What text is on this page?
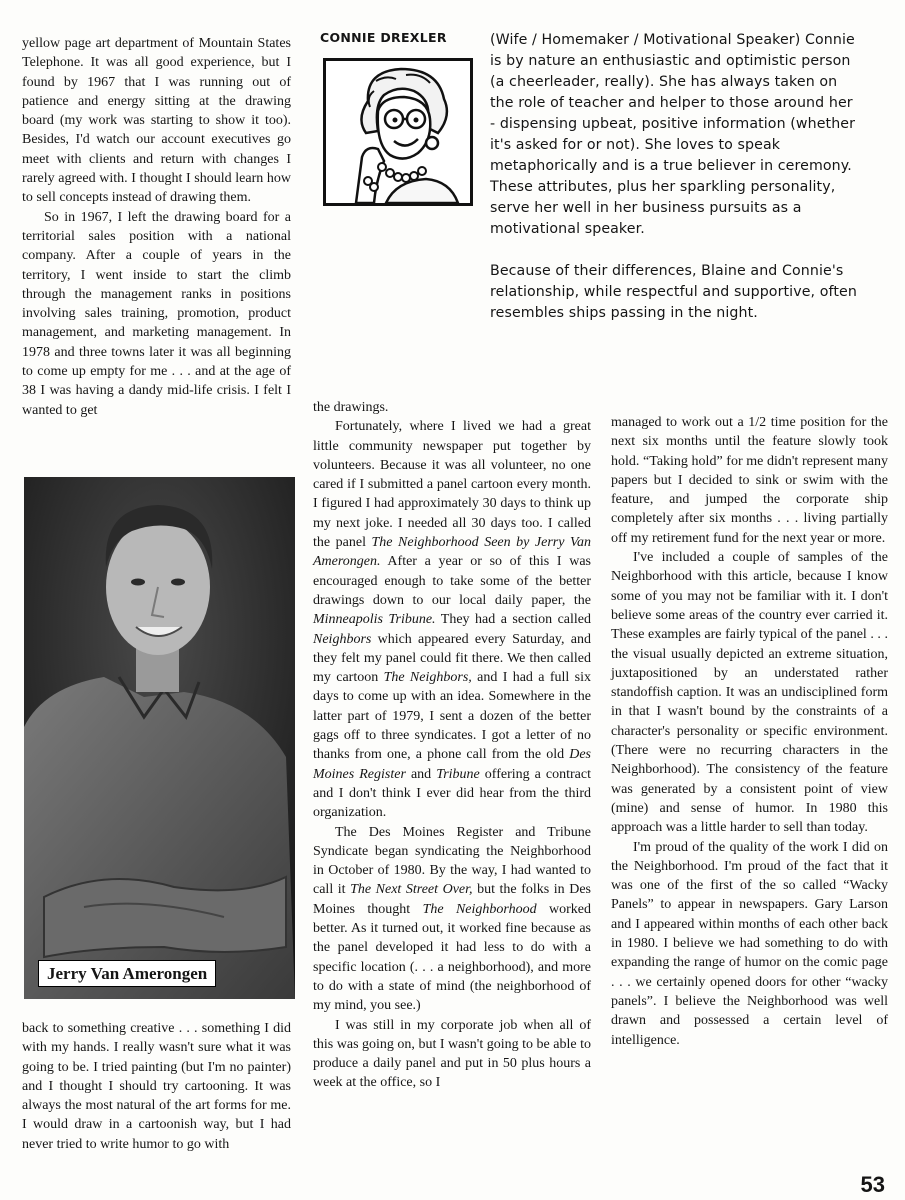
yellow page art department of Mountain States Telephone. It was all good experience, but I found by 1967 that I was running out of patience and energy sitting at the drawing board (my work was starting to show it too). Besides, I'd watch our account executives go meet with clients and return with changes I rarely agreed with. I thought I should learn how to sell concepts instead of drawing them.

So in 1967, I left the drawing board for a territorial sales position with a national company. After a couple of years in the territory, I went inside to start the climb through the management ranks in positions involving sales training, promotion, product management, and marketing management. In 1978 and three towns later it was all beginning to come up empty for me . . . and at the age of 38 I was having a dandy mid-life crisis. I felt I wanted to get

CONNIE DREXLER	(Wife / Homemaker / Motivational Speaker) Connie is by nature an enthusiastic and optimistic person (a cheerleader, really). She has always taken on the role of teacher and helper to those around her - dispensing upbeat, positive information (whether it's asked for or not). She loves to speak metaphorically and is a true believer in ceremony. These attributes, plus her sparkling personality, serve her well in her business pursuits as a motivational speaker.

Because of their differences, Blaine and Connie's relationship, while respectful and supportive, often resembles ships passing in the night.

Jerry Van Amerongen

back to something creative . . . something I did with my hands. I really wasn't sure what it was going to be. I tried painting (but I'm no painter) and I thought I should try cartooning. It was always the most natural of the art forms for me. I would draw in a cartoonish way, but I had never tried to write humor to go with

the drawings.

Fortunately, where I lived we had a great little community newspaper put together by volunteers. Because it was all volunteer, no one cared if I submitted a panel cartoon every month. I figured I had approximately 30 days to think up my next joke. I needed all 30 days too. I called the panel The Neighborhood Seen by Jerry Van Amerongen. After a year or so of this I was encouraged enough to take some of the better drawings down to our local daily paper, the Minneapolis Tribune. They had a section called Neighbors which appeared every Saturday, and they felt my panel could fit there. We then called my cartoon The Neighbors, and I had a full six days to come up with an idea. Somewhere in the latter part of 1979, I sent a dozen of the better gags off to three syndicates. I got a letter of no thanks from one, a phone call from the old Des Moines Register and Tribune offering a contract and I don't think I ever did hear from the third organization.

The Des Moines Register and Tribune Syndicate began syndicating the Neighborhood in October of 1980. By the way, I had wanted to call it The Next Street Over, but the folks in Des Moines thought The Neighborhood worked better. As it turned out, it worked fine because as the panel developed it had less to do with a specific location (. . . a neighborhood), and more to do with a state of mind (the neighborhood of my mind, you see.)

I was still in my corporate job when all of this was going on, but I wasn't going to be able to produce a daily panel and put in 50 plus hours a week at the office, so I

managed to work out a 1/2 time position for the next six months until the feature slowly took hold. “Taking hold” for me didn't represent many papers but I decided to sink or swim with the feature, and jumped the corporate ship completely after six months . . . living partially off my retirement fund for the next year or more.

I've included a couple of samples of the Neighborhood with this article, because I know some of you may not be familiar with it. I don't believe some areas of the country ever carried it. These examples are fairly typical of the panel . . . the visual usually depicted an extreme situation, juxtapositioned by an understated rather standoffish caption. It was an undisciplined form in that I wasn't bound by the constraints of a character's personality or specific environment. (There were no recurring characters in the Neighborhood). The consistency of the feature was generated by a consistent point of view (mine) and sense of humor. In 1980 this approach was a little harder to sell than today.

I'm proud of the quality of the work I did on the Neighborhood. I'm proud of the fact that it was one of the first of the so called “Wacky Panels” to appear in newspapers. Gary Larson and I appeared within months of each other back in 1980. I believe we had something to do with expanding the range of humor on the comic page . . . we certainly opened doors for other “wacky panels”. I believe the Neighborhood was well drawn and possessed a certain level of intelligence.

53
